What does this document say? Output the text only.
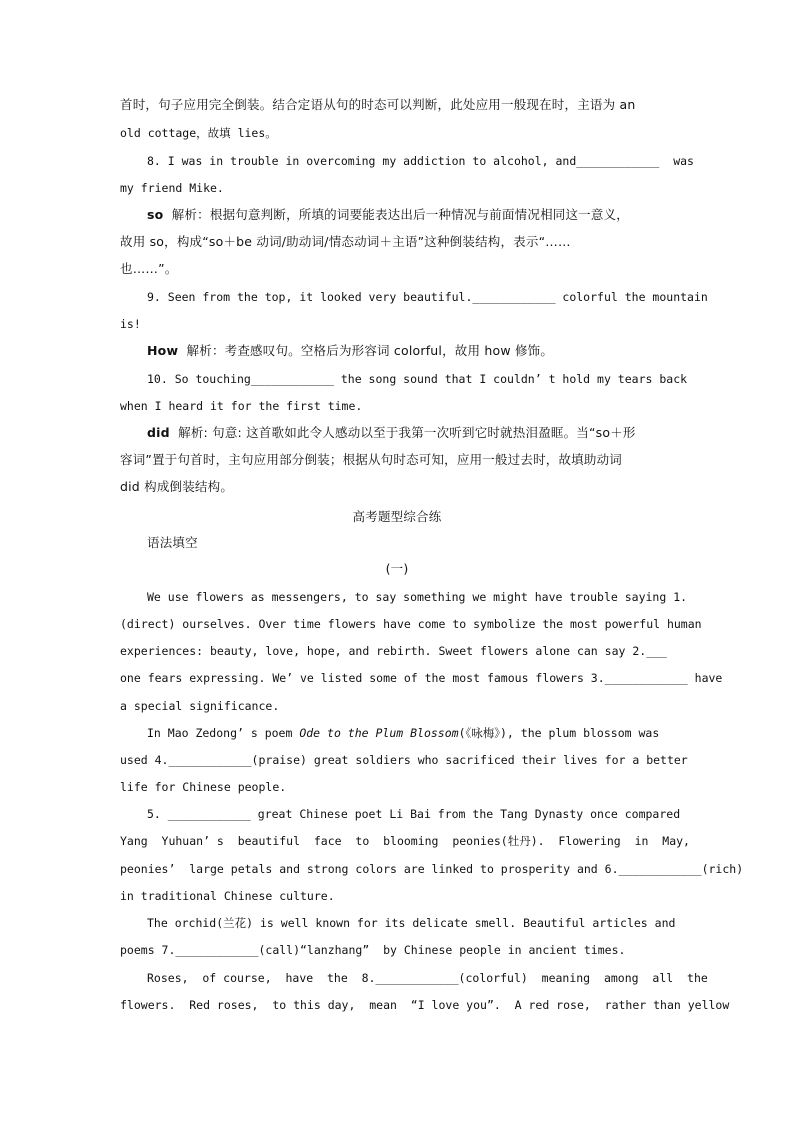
首时，句子应用完全倒装。结合定语从句的时态可以判断，此处应用一般现在时，主语为 an
old cottage，故填 lies。
8. I was in trouble in overcoming my addiction to alcohol, and____________  was
my friend Mike.
so  解析：根据句意判断，所填的词要能表达出后一种情况与前面情况相同这一意义，
故用 so，构成“so＋be 动词/助动词/情态动词＋主语”这种倒装结构，表示“……
也……”。
9. Seen from the top, it looked very beautiful.____________ colorful the mountain
is!
How  解析：考查感叹句。空格后为形容词 colorful，故用 how 修饰。
10. So touching____________ the song sound that I couldn’ t hold my tears back
when I heard it for the first time.
did  解析: 句意: 这首歌如此令人感动以至于我第一次听到它时就热泪盈眶。当“so＋形
容词”置于句首时，主句应用部分倒装；根据从句时态可知，应用一般过去时，故填助动词
did 构成倒装结构。
高考题型综合练
语法填空
(一)
We use flowers as messengers, to say something we might have trouble saying 1.
(direct) ourselves. Over time flowers have come to symbolize the most powerful human
experiences: beauty, love, hope, and rebirth. Sweet flowers alone can say 2.___
one fears expressing. We’ ve listed some of the most famous flowers 3.____________ have
a special significance.
In Mao Zedong’ s poem Ode to the Plum Blossom(《咏梅》), the plum blossom was
used 4.____________(praise) great soldiers who sacrificed their lives for a better
life for Chinese people.
5. ____________ great Chinese poet Li Bai from the Tang Dynasty once compared
Yang  Yuhuan’ s  beautiful  face  to  blooming  peonies(牡丹).  Flowering  in  May,
peonies’  large petals and strong colors are linked to prosperity and 6.____________(rich)
in traditional Chinese culture.
The orchid(兰花) is well known for its delicate smell. Beautiful articles and
poems 7.____________(call)“lanzhang”  by Chinese people in ancient times.
Roses,  of course,  have  the  8.____________(colorful)  meaning  among  all  the
flowers.  Red roses,  to this day,  mean  “I love you”.  A red rose,  rather than yellow
